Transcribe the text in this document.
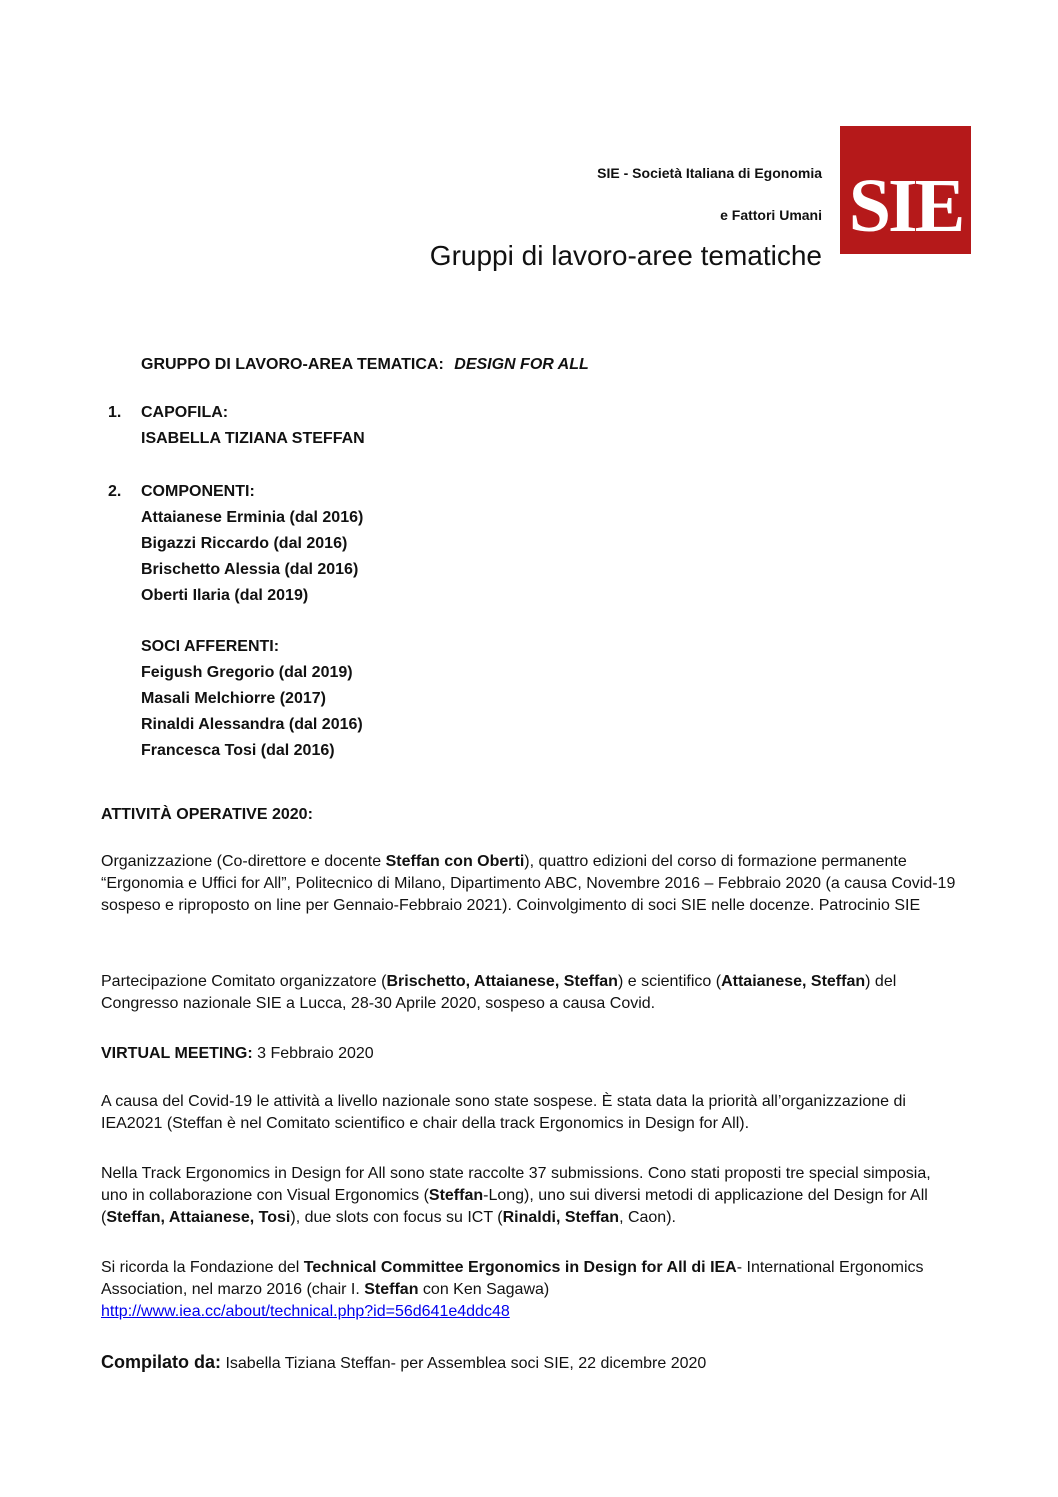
SIE - Società Italiana di Egonomia
e Fattori Umani
Gruppi di lavoro-aree tematiche
SIE
GRUPPO DI LAVORO-AREA TEMATICA: DESIGN FOR ALL
1. CAPOFILA:
ISABELLA TIZIANA STEFFAN
2. COMPONENTI:
Attaianese Erminia (dal 2016)
Bigazzi Riccardo (dal 2016)
Brischetto Alessia (dal 2016)
Oberti Ilaria (dal 2019)
SOCI AFFERENTI:
Feigush Gregorio (dal 2019)
Masali Melchiorre (2017)
Rinaldi Alessandra (dal 2016)
Francesca Tosi (dal 2016)
ATTIVITÀ OPERATIVE 2020:
Organizzazione (Co-direttore e docente Steffan con Oberti), quattro edizioni del corso di formazione permanente “Ergonomia e Uffici for All”, Politecnico di Milano, Dipartimento ABC, Novembre 2016 – Febbraio 2020 (a causa Covid-19 sospeso e riproposto on line per Gennaio-Febbraio 2021). Coinvolgimento di soci SIE nelle docenze. Patrocinio SIE
Partecipazione Comitato organizzatore (Brischetto, Attaianese, Steffan) e scientifico (Attaianese, Steffan) del Congresso nazionale SIE a Lucca, 28-30 Aprile 2020, sospeso a causa Covid.
VIRTUAL MEETING: 3 Febbraio 2020
A causa del Covid-19 le attività a livello nazionale sono state sospese. È stata data la priorità all’organizzazione di IEA2021 (Steffan è nel Comitato scientifico e chair della track Ergonomics in Design for All).
Nella Track Ergonomics in Design for All sono state raccolte 37 submissions. Cono stati proposti tre special simposia, uno in collaborazione con Visual Ergonomics (Steffan-Long), uno sui diversi metodi di applicazione del Design for All (Steffan, Attaianese, Tosi), due slots con focus su ICT (Rinaldi, Steffan, Caon).
Si ricorda la Fondazione del Technical Committee Ergonomics in Design for All di IEA- International Ergonomics Association, nel marzo 2016 (chair I. Steffan con Ken Sagawa)
http://www.iea.cc/about/technical.php?id=56d641e4ddc48
Compilato da: Isabella Tiziana Steffan- per Assemblea soci SIE, 22 dicembre 2020
